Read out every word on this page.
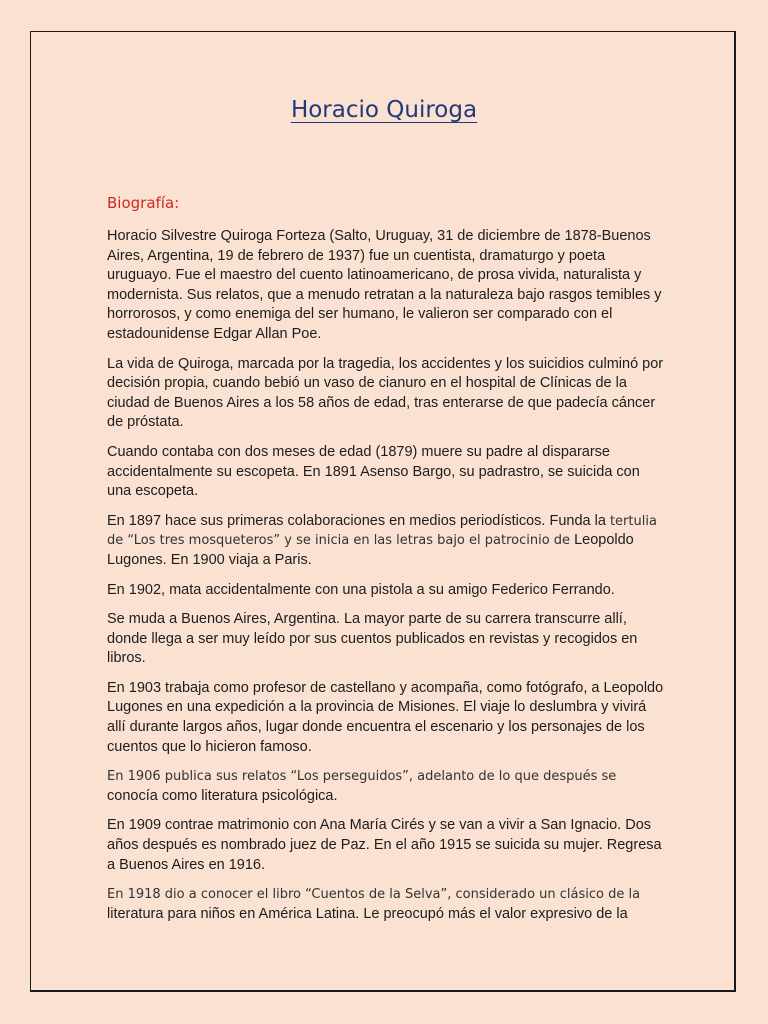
Horacio Quiroga
Biografía:

Horacio Silvestre Quiroga Forteza (Salto, Uruguay, 31 de diciembre de 1878-Buenos Aires, Argentina, 19 de febrero de 1937) fue un cuentista, dramaturgo y poeta uruguayo. Fue el maestro del cuento latinoamericano, de prosa vivida, naturalista y modernista. Sus relatos, que a menudo retratan a la naturaleza bajo rasgos temibles y horrorosos, y como enemiga del ser humano, le valieron ser comparado con el estadounidense Edgar Allan Poe.

La vida de Quiroga, marcada por la tragedia, los accidentes y los suicidios culminó por decisión propia, cuando bebió un vaso de cianuro en el hospital de Clínicas de la ciudad de Buenos Aires a los 58 años de edad, tras enterarse de que padecía cáncer de próstata.

Cuando contaba con dos meses de edad (1879) muere su padre al dispararse accidentalmente su escopeta. En 1891 Asenso Bargo, su padrastro, se suicida con una escopeta.

En 1897 hace sus primeras colaboraciones en medios periodísticos. Funda la tertulia de “Los tres mosqueteros” y se inicia en las letras bajo el patrocinio de Leopoldo Lugones. En 1900 viaja a Paris.

En 1902, mata accidentalmente con una pistola a su amigo Federico Ferrando.

Se muda a Buenos Aires, Argentina. La mayor parte de su carrera transcurre allí, donde llega a ser muy leído por sus cuentos publicados en revistas y recogidos en libros.

En 1903 trabaja como profesor de castellano y acompaña, como fotógrafo, a Leopoldo Lugones en una expedición a la provincia de Misiones. El viaje lo deslumbra y vivirá allí durante largos años, lugar donde encuentra el escenario y los personajes de los cuentos que lo hicieron famoso.

En 1906 publica sus relatos “Los perseguidos”, adelanto de lo que después se conocía como literatura psicológica.

En 1909 contrae matrimonio con Ana María Cirés y se van a vivir a San Ignacio. Dos años después es nombrado juez de Paz. En el año 1915 se suicida su mujer. Regresa a Buenos Aires en 1916.

En 1918 dio a conocer el libro “Cuentos de la Selva”, considerado un clásico de la literatura para niños en América Latina. Le preocupó más el valor expresivo de la
